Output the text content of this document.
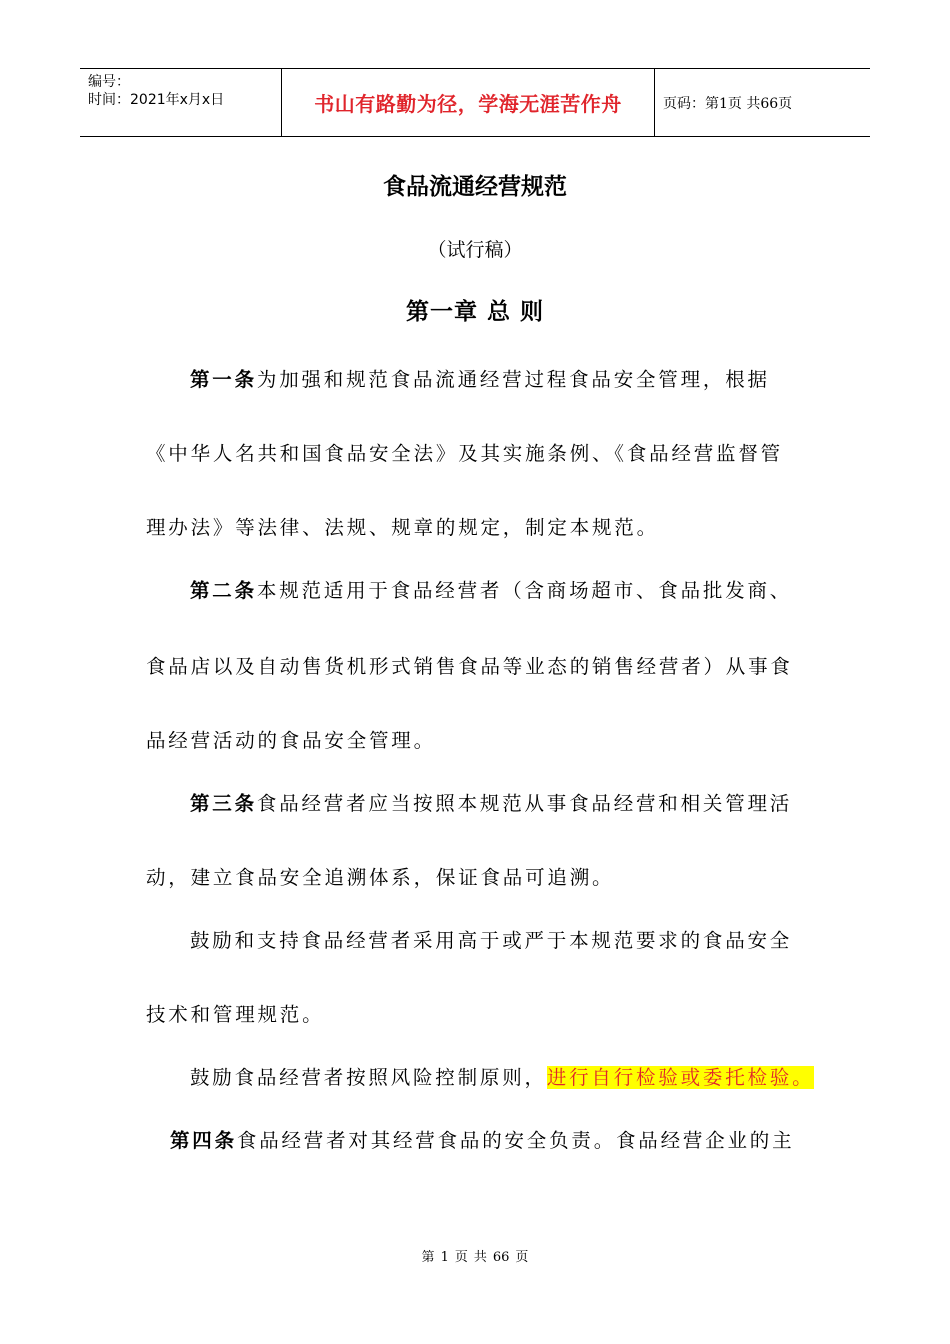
编号：
时间：2021年x月x日	书山有路勤为径，学海无涯苦作舟	页码：第1页 共66页
食品流通经营规范
（试行稿）
第一章 总 则
第一条为加强和规范食品流通经营过程食品安全管理，根据
《中华人名共和国食品安全法》及其实施条例、《食品经营监督管
理办法》等法律、法规、规章的规定，制定本规范。
第二条本规范适用于食品经营者（含商场超市、食品批发商、
食品店以及自动售货机形式销售食品等业态的销售经营者）从事食
品经营活动的食品安全管理。
第三条食品经营者应当按照本规范从事食品经营和相关管理活
动，建立食品安全追溯体系，保证食品可追溯。
鼓励和支持食品经营者采用高于或严于本规范要求的食品安全
技术和管理规范。
鼓励食品经营者按照风险控制原则，进行自行检验或委托检验。
第四条食品经营者对其经营食品的安全负责。食品经营企业的主
第 1 页 共 66 页
